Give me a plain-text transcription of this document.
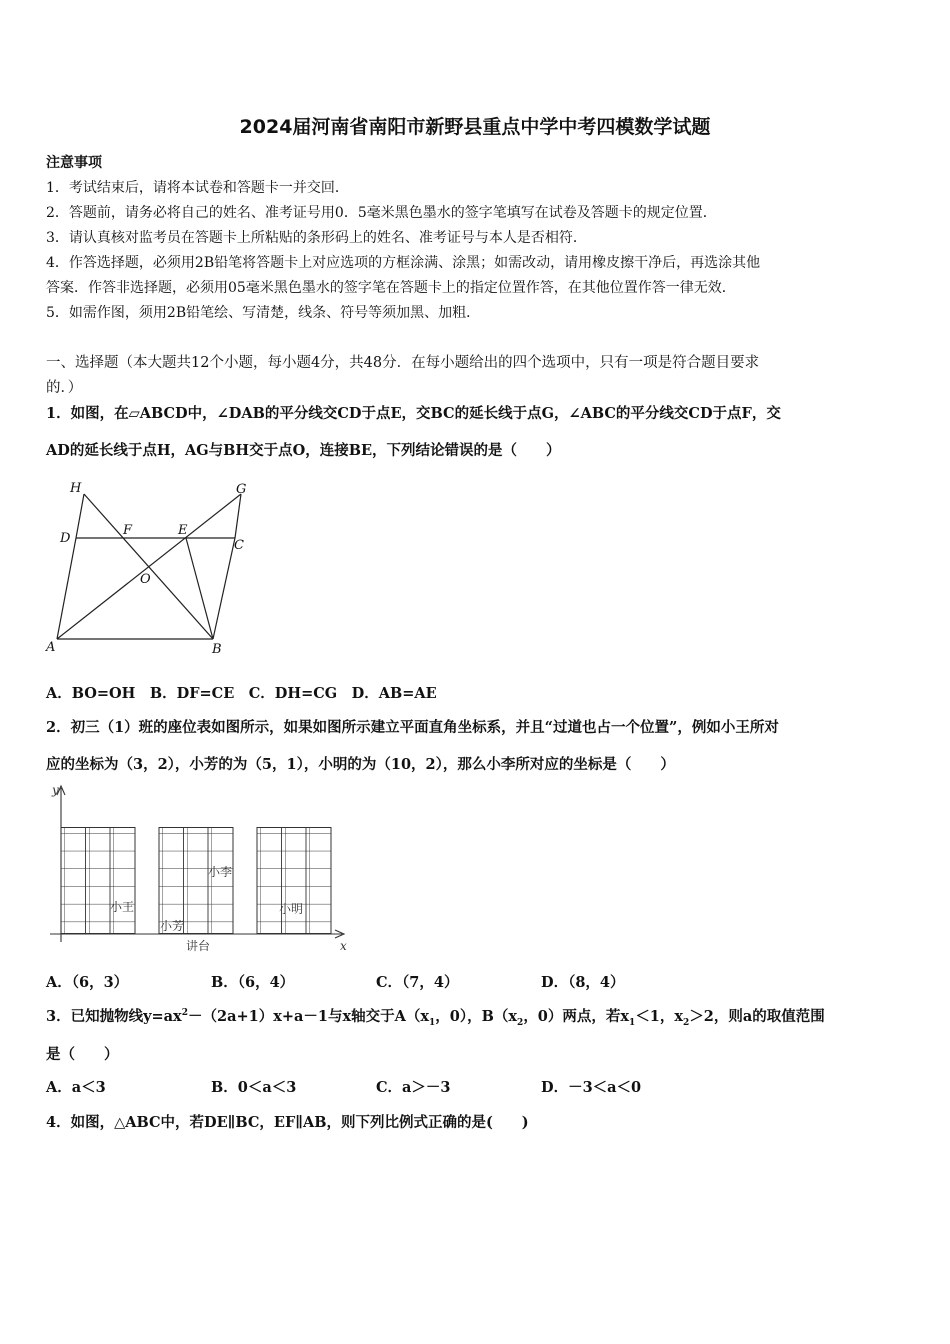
2024届河南省南阳市新野县重点中学中考四模数学试题
注意事项
1．考试结束后，请将本试卷和答题卡一并交回．
2．答题前，请务必将自己的姓名、准考证号用0．5毫米黑色墨水的签字笔填写在试卷及答题卡的规定位置．
3．请认真核对监考员在答题卡上所粘贴的条形码上的姓名、准考证号与本人是否相符．
4．作答选择题，必须用2B铅笔将答题卡上对应选项的方框涂满、涂黑；如需改动，请用橡皮擦干净后，再选涂其他
答案．作答非选择题，必须用05毫米黑色墨水的签字笔在答题卡上的指定位置作答，在其他位置作答一律无效．
5．如需作图，须用2B铅笔绘、写清楚，线条、符号等须加黑、加粗．
一、选择题（本大题共12个小题，每小题4分，共48分．在每小题给出的四个选项中，只有一项是符合题目要求
的．）
1．如图，在▱ABCD中，∠DAB的平分线交CD于点E，交BC的延长线于点G，∠ABC的平分线交CD于点F，交
AD的延长线于点H，AG与BH交于点O，连接BE，下列结论错误的是（　　）
H	G
D
F	E
C
O
A	B
A．BO=OH　B．DF=CE　C．DH=CG　D．AB=AE
2．初三（1）班的座位表如图所示，如果如图所示建立平面直角坐标系，并且“过道也占一个位置”，例如小王所对
应的坐标为（3，2），小芳的为（5，1），小明的为（10，2），那么小李所对应的坐标是（　　）
y
x
小王
小芳
小李
小明
讲台
A．（6，3）	B．（6，4）	C．（7，4）	D．（8，4）
3．已知抛物线$y=ax^2-(2a+1)x+a-1$与x轴交于$A(x_1$，0），$B(x_2$，0）两点，若$x_1<1$，$x_2>2$，则a的取值范围
是（　　）
A．a＜3	B．0＜a＜3	C．a＞－3	D．－3＜a＜0
4．如图，△ABC中，若DE∥BC，EF∥AB，则下列比例式正确的是(　　)
